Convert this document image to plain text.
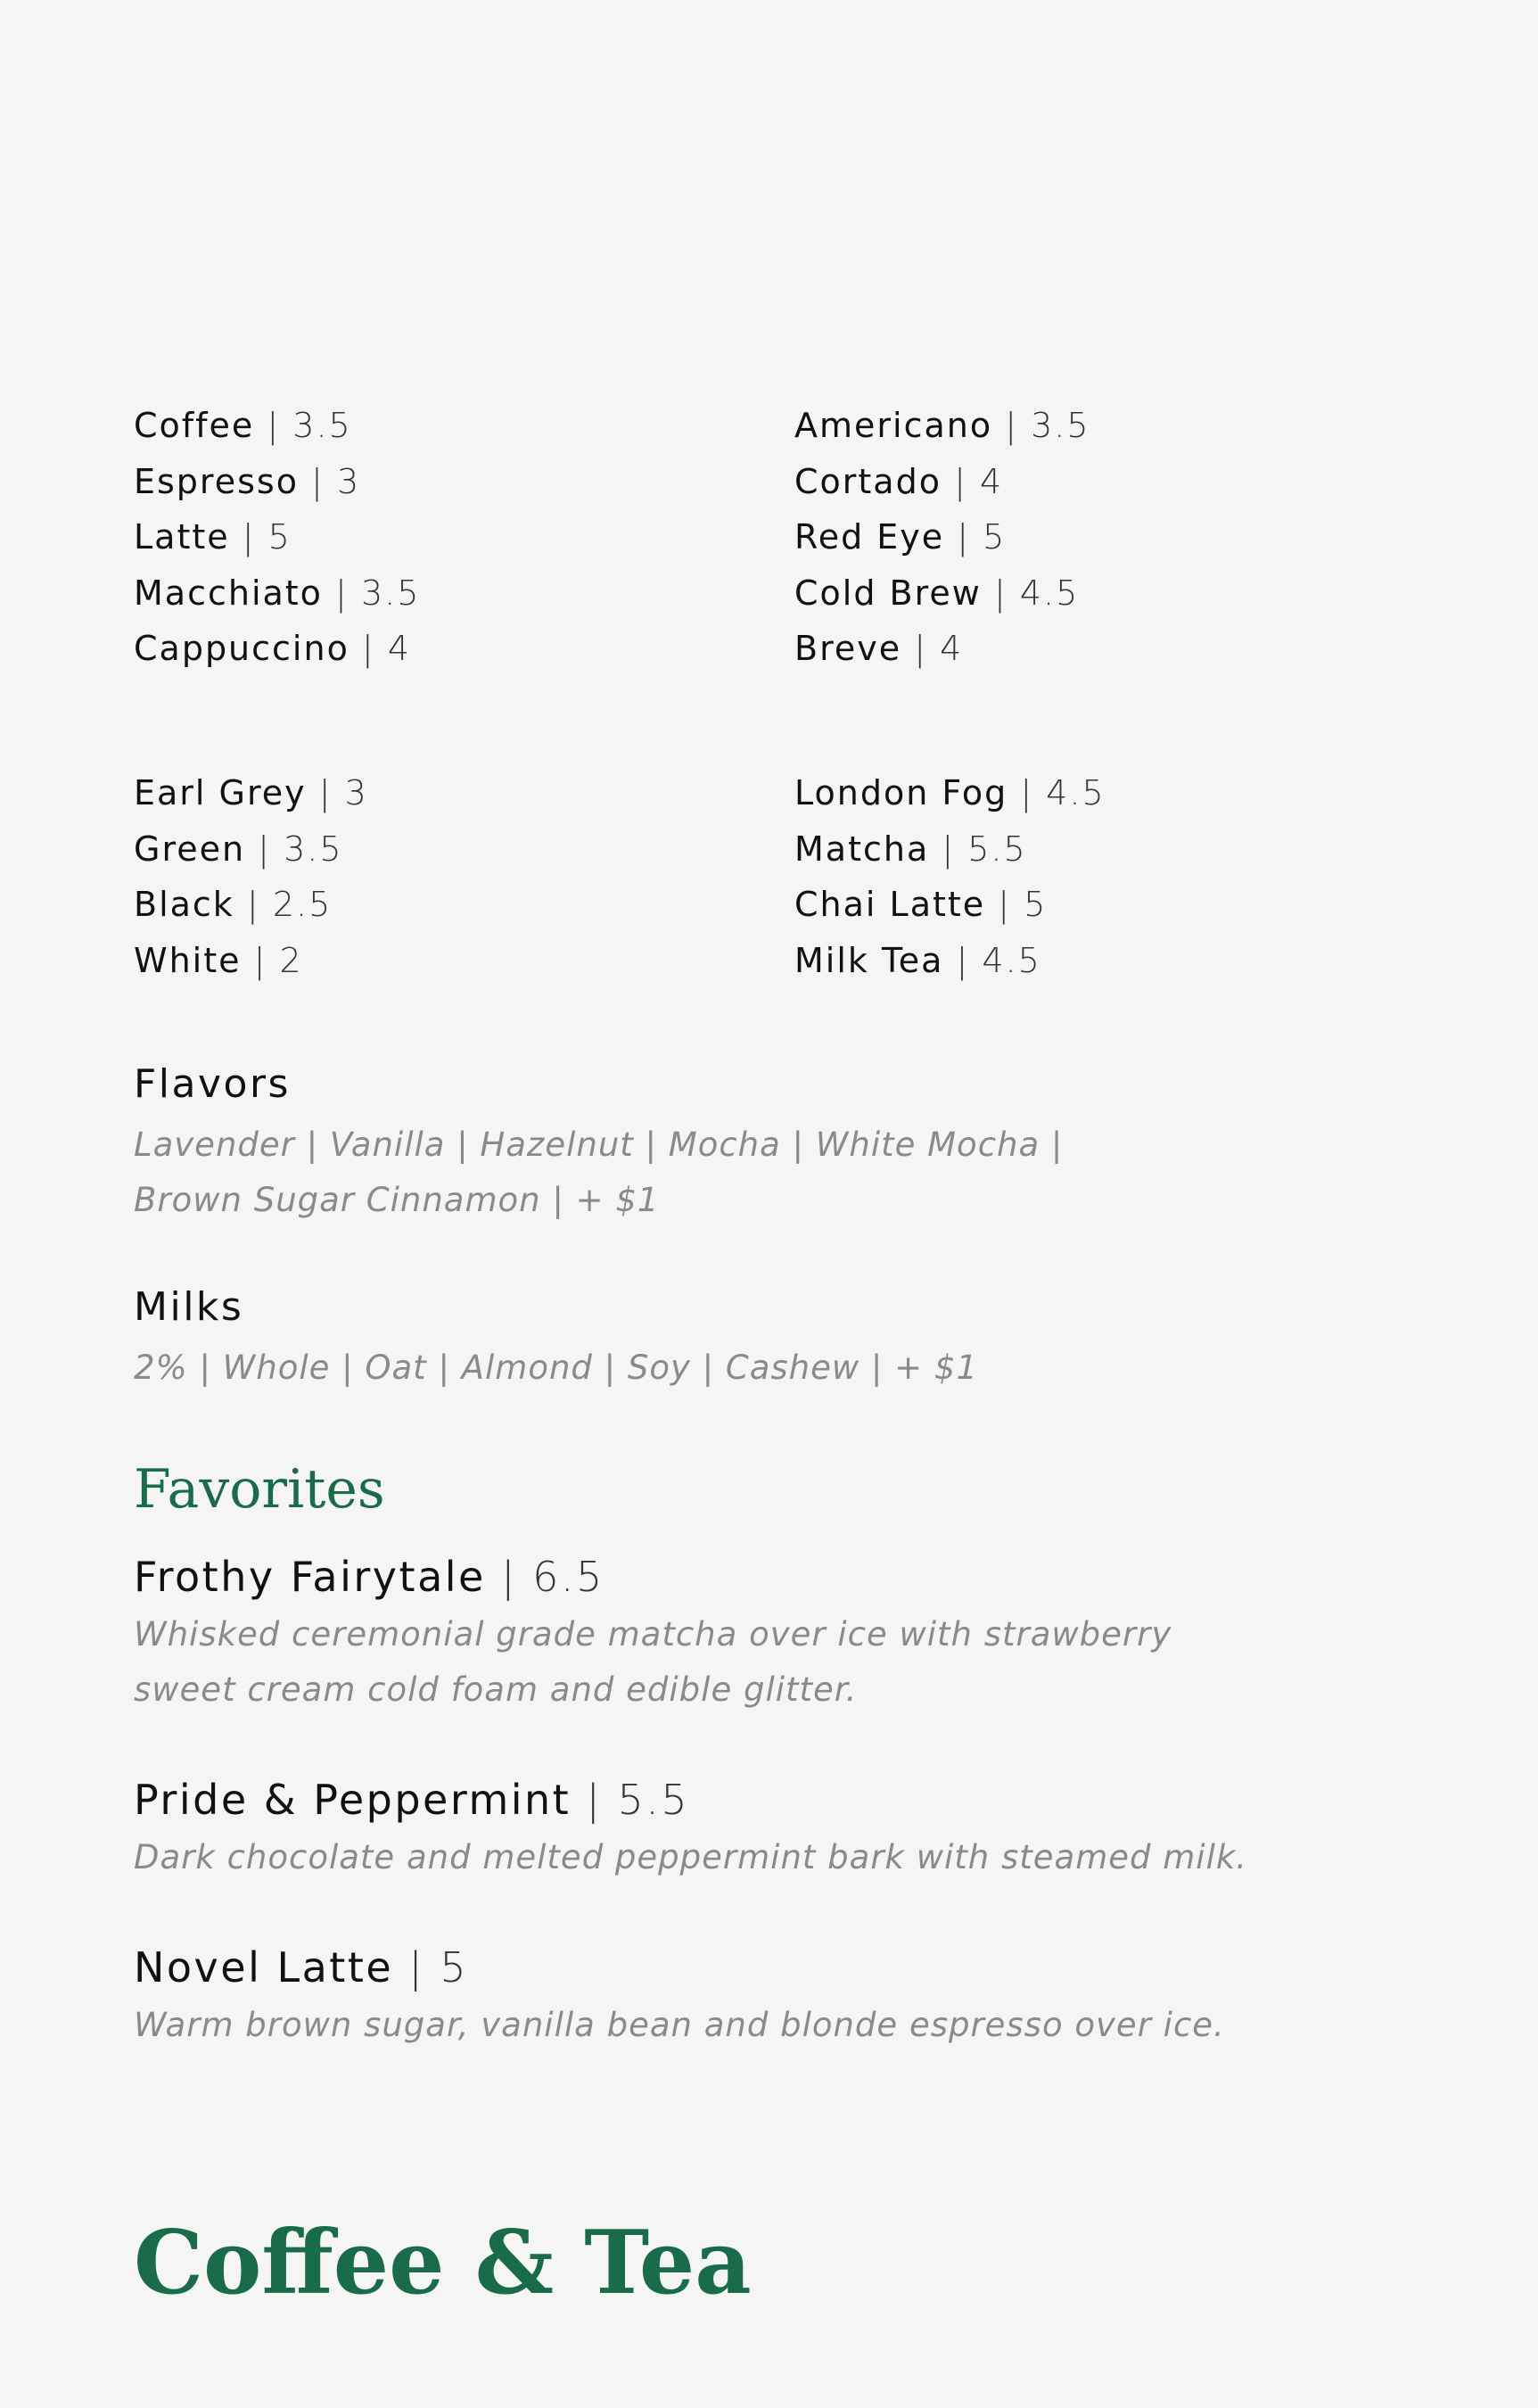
Coffee | 3.5
Espresso | 3
Latte | 5
Macchiato | 3.5
Cappuccino | 4
Americano | 3.5
Cortado | 4
Red Eye | 5
Cold Brew | 4.5
Breve | 4
Earl Grey | 3
Green | 3.5
Black | 2.5
White | 2
London Fog | 4.5
Matcha | 5.5
Chai Latte | 5
Milk Tea | 4.5
Flavors
Lavender | Vanilla | Hazelnut | Mocha | White Mocha |
Brown Sugar Cinnamon | + $1
Milks
2% | Whole | Oat | Almond | Soy | Cashew | + $1
Favorites
Frothy Fairytale | 6.5
Whisked ceremonial grade matcha over ice with strawberry
sweet cream cold foam and edible glitter.
Pride & Peppermint | 5.5
Dark chocolate and melted peppermint bark with steamed milk.
Novel Latte | 5
Warm brown sugar, vanilla bean and blonde espresso over ice.
Coffee & Tea
